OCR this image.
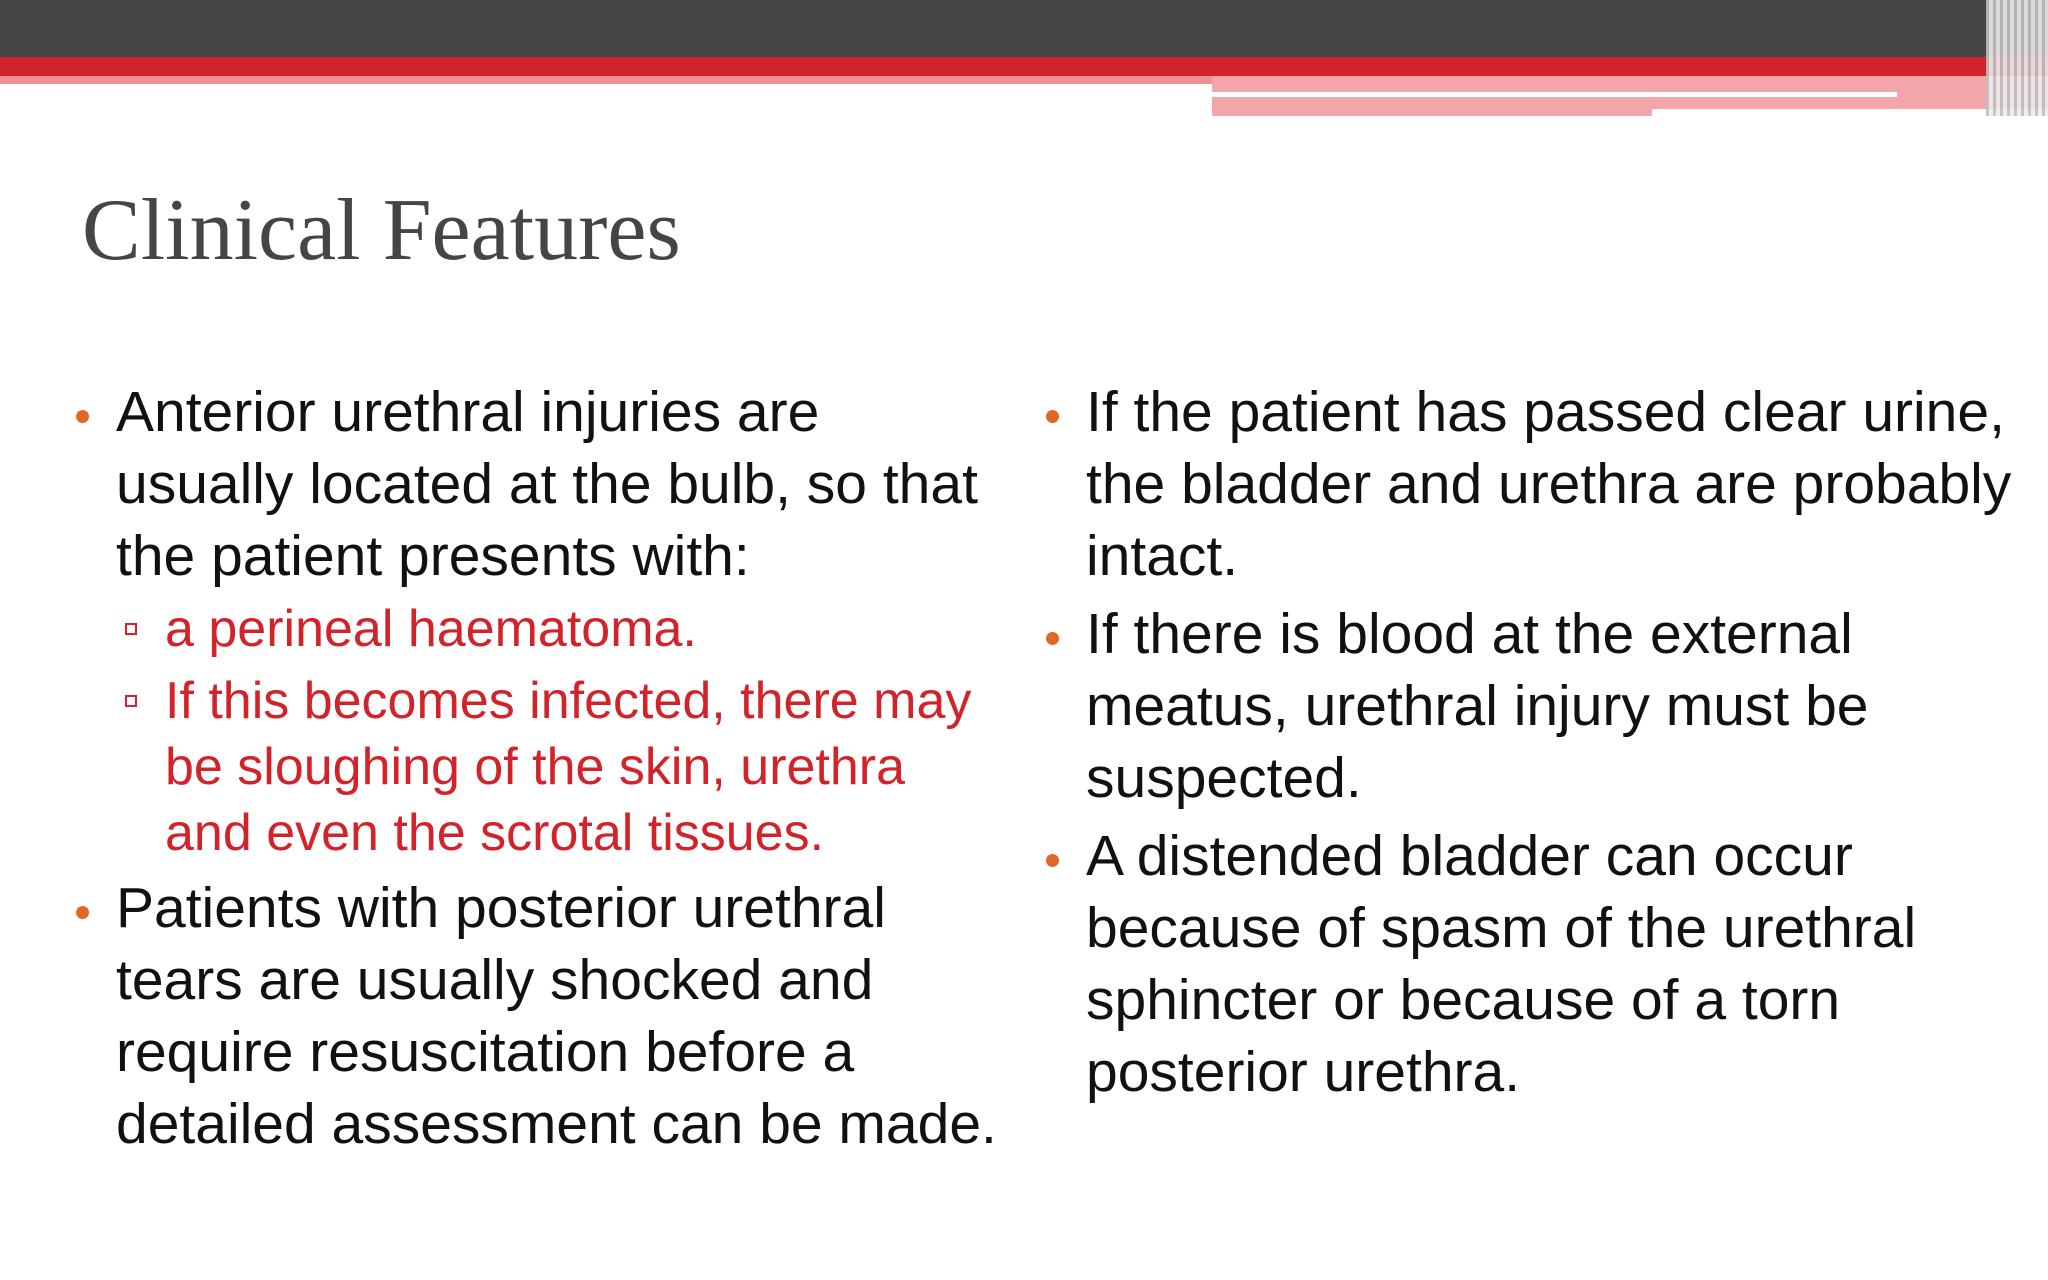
Clinical Features
Anterior urethral injuries are usually located at the bulb, so that the patient presents with:
a perineal haematoma.
If this becomes infected, there may be sloughing of the skin, urethra and even the scrotal tissues.
Patients with posterior urethral tears are usually shocked and require resuscitation before a detailed assessment can be made.
If the patient has passed clear urine, the bladder and urethra are probably intact.
If there is blood at the external meatus, urethral injury must be suspected.
A distended bladder can occur because of spasm of the urethral sphincter or because of a torn posterior urethra.
